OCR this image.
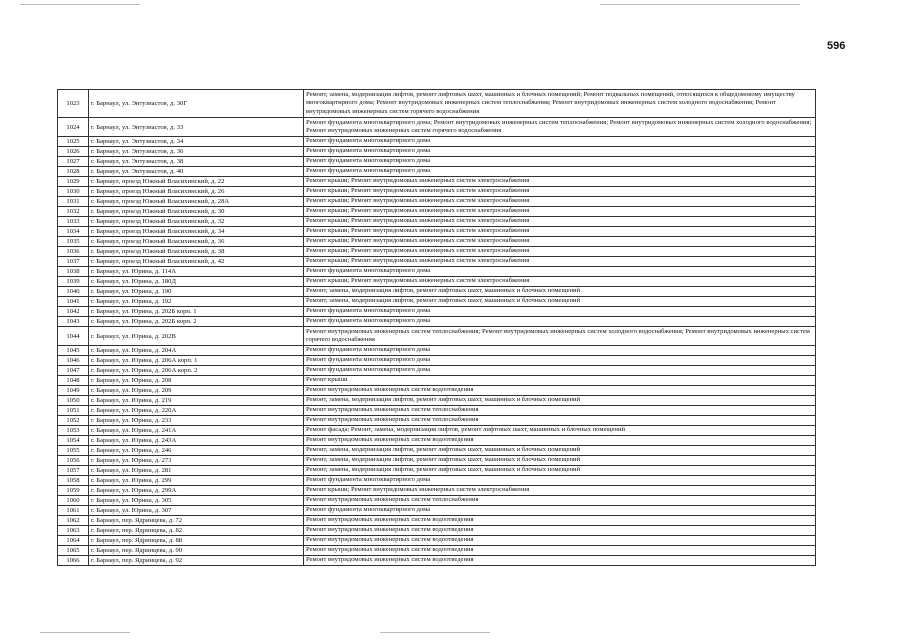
596
1023	г. Барнаул, ул. Энтузиастов, д. 30Г	Ремонт, замена, модернизация лифтов, ремонт лифтовых шахт, машинных и блочных помещений; Ремонт подвальных помещений, относящихся к общедомовому имуществу многоквартирного дома; Ремонт внутридомовых инженерных систем теплоснабжения; Ремонт внутридомовых инженерных систем холодного водоснабжения; Ремонт внутридомовых инженерных систем горячего водоснабжения
1024	г. Барнаул, ул. Энтузиастов, д. 33	Ремонт фундамента многоквартирного дома; Ремонт внутридомовых инженерных систем теплоснабжения; Ремонт внутридомовых инженерных систем холодного водоснабжения; Ремонт внутридомовых инженерных систем горячего водоснабжения
1025	г. Барнаул, ул. Энтузиастов, д. 34	Ремонт фундамента многоквартирного дома
1026	г. Барнаул, ул. Энтузиастов, д. 36	Ремонт фундамента многоквартирного дома
1027	г. Барнаул, ул. Энтузиастов, д. 38	Ремонт фундамента многоквартирного дома
1028	г. Барнаул, ул. Энтузиастов, д. 40	Ремонт фундамента многоквартирного дома
1029	г. Барнаул, проезд Южный Власихинский, д. 22	Ремонт крыши; Ремонт внутридомовых инженерных систем электроснабжения
1030	г. Барнаул, проезд Южный Власихинский, д. 26	Ремонт крыши; Ремонт внутридомовых инженерных систем электроснабжения
1031	г. Барнаул, проезд Южный Власихинский, д. 28А	Ремонт крыши; Ремонт внутридомовых инженерных систем электроснабжения
1032	г. Барнаул, проезд Южный Власихинский, д. 30	Ремонт крыши; Ремонт внутридомовых инженерных систем электроснабжения
1033	г. Барнаул, проезд Южный Власихинский, д. 32	Ремонт крыши; Ремонт внутридомовых инженерных систем электроснабжения
1034	г. Барнаул, проезд Южный Власихинский, д. 34	Ремонт крыши; Ремонт внутридомовых инженерных систем электроснабжения
1035	г. Барнаул, проезд Южный Власихинский, д. 36	Ремонт крыши; Ремонт внутридомовых инженерных систем электроснабжения
1036	г. Барнаул, проезд Южный Власихинский, д. 38	Ремонт крыши; Ремонт внутридомовых инженерных систем электроснабжения
1037	г. Барнаул, проезд Южный Власихинский, д. 42	Ремонт крыши; Ремонт внутридомовых инженерных систем электроснабжения
1038	г. Барнаул, ул. Юрина, д. 114А	Ремонт фундамента многоквартирного дома
1039	г. Барнаул, ул. Юрина, д. 180Д	Ремонт крыши; Ремонт внутридомовых инженерных систем электроснабжения
1040	г. Барнаул, ул. Юрина, д. 190	Ремонт, замена, модернизация лифтов, ремонт лифтовых шахт, машинных и блочных помещений
1041	г. Барнаул, ул. Юрина, д. 192	Ремонт, замена, модернизация лифтов, ремонт лифтовых шахт, машинных и блочных помещений
1042	г. Барнаул, ул. Юрина, д. 202Б корп. 1	Ремонт фундамента многоквартирного дома
1043	г. Барнаул, ул. Юрина, д. 202Б корп. 2	Ремонт фундамента многоквартирного дома
1044	г. Барнаул, ул. Юрина, д. 202В	Ремонт внутридомовых инженерных систем теплоснабжения; Ремонт внутридомовых инженерных систем холодного водоснабжения; Ремонт внутридомовых инженерных систем горячего водоснабжения
1045	г. Барнаул, ул. Юрина, д. 204А	Ремонт фундамента многоквартирного дома
1046	г. Барнаул, ул. Юрина, д. 206А корп. 1	Ремонт фундамента многоквартирного дома
1047	г. Барнаул, ул. Юрина, д. 206А корп. 2	Ремонт фундамента многоквартирного дома
1048	г. Барнаул, ул. Юрина, д. 208	Ремонт крыши
1049	г. Барнаул, ул. Юрина, д. 209	Ремонт внутридомовых инженерных систем водоотведения
1050	г. Барнаул, ул. Юрина, д. 219	Ремонт, замена, модернизация лифтов, ремонт лифтовых шахт, машинных и блочных помещений
1051	г. Барнаул, ул. Юрина, д. 220А	Ремонт внутридомовых инженерных систем теплоснабжения
1052	г. Барнаул, ул. Юрина, д. 233	Ремонт внутридомовых инженерных систем теплоснабжения
1053	г. Барнаул, ул. Юрина, д. 241А	Ремонт фасада; Ремонт, замена, модернизация лифтов, ремонт лифтовых шахт, машинных и блочных помещений
1054	г. Барнаул, ул. Юрина, д. 243А	Ремонт внутридомовых инженерных систем водоотведения
1055	г. Барнаул, ул. Юрина, д. 246	Ремонт, замена, модернизация лифтов, ремонт лифтовых шахт, машинных и блочных помещений
1056	г. Барнаул, ул. Юрина, д. 273	Ремонт, замена, модернизация лифтов, ремонт лифтовых шахт, машинных и блочных помещений
1057	г. Барнаул, ул. Юрина, д. 281	Ремонт, замена, модернизация лифтов, ремонт лифтовых шахт, машинных и блочных помещений
1058	г. Барнаул, ул. Юрина, д. 299	Ремонт фундамента многоквартирного дома
1059	г. Барнаул, ул. Юрина, д. 299А	Ремонт крыши; Ремонт внутридомовых инженерных систем электроснабжения
1060	г. Барнаул, ул. Юрина, д. 305	Ремонт внутридомовых инженерных систем теплоснабжения
1061	г. Барнаул, ул. Юрина, д. 307	Ремонт фундамента многоквартирного дома
1062	г. Барнаул, пер. Ядринцева, д. 72	Ремонт внутридомовых инженерных систем водоотведения
1063	г. Барнаул, пер. Ядринцева, д. 82	Ремонт внутридомовых инженерных систем водоотведения
1064	г. Барнаул, пер. Ядринцева, д. 88	Ремонт внутридомовых инженерных систем водоотведения
1065	г. Барнаул, пер. Ядринцева, д. 90	Ремонт внутридомовых инженерных систем водоотведения
1066	г. Барнаул, пер. Ядринцева, д. 92	Ремонт внутридомовых инженерных систем водоотведения
